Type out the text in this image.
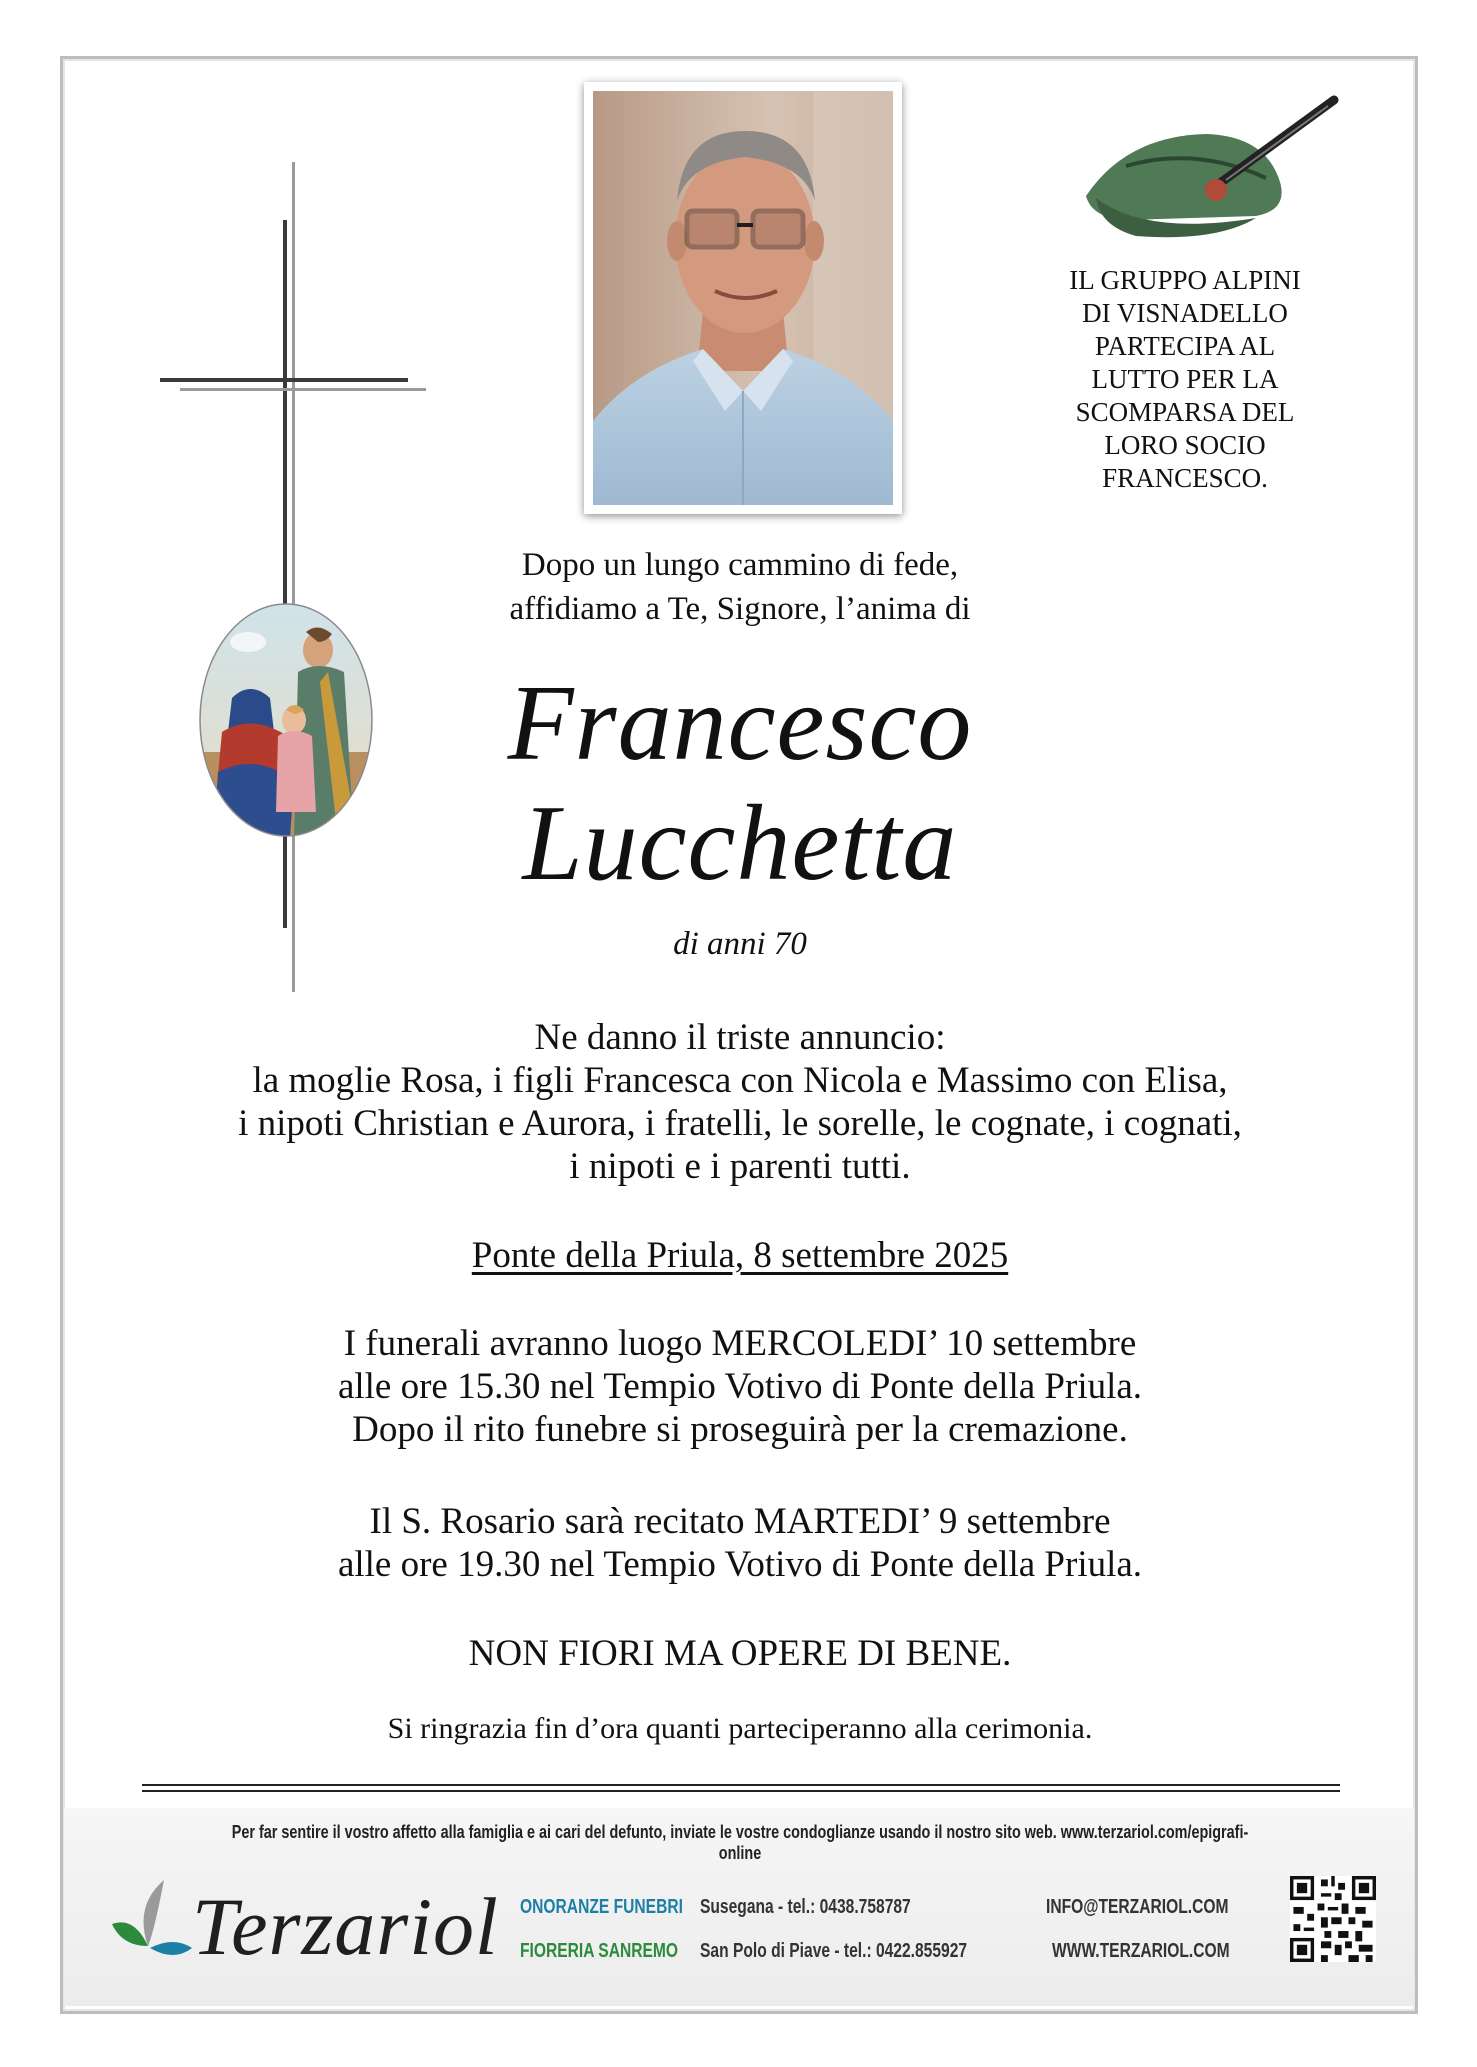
IL GRUPPO ALPINI
DI VISNADELLO
PARTECIPA AL
LUTTO PER LA
SCOMPARSA DEL
LORO SOCIO
FRANCESCO.
Dopo un lungo cammino di fede,
affidiamo a Te, Signore, l’anima di
Francesco
Lucchetta
di anni 70
Ne danno il triste annuncio:
la moglie Rosa, i figli Francesca con Nicola e Massimo con Elisa,
i nipoti Christian e Aurora, i fratelli, le sorelle, le cognate, i cognati,
i nipoti e i parenti tutti.
Ponte della Priula, 8 settembre 2025
I funerali avranno luogo MERCOLEDI’ 10 settembre
alle ore 15.30 nel Tempio Votivo di Ponte della Priula.
Dopo il rito funebre si proseguirà per la cremazione.
Il S. Rosario sarà recitato MARTEDI’ 9 settembre
alle ore 19.30 nel Tempio Votivo di Ponte della Priula.
NON FIORI MA OPERE DI BENE.
Si ringrazia fin d’ora quanti parteciperanno alla cerimonia.
Per far sentire il vostro affetto alla famiglia e ai cari del defunto, inviate le vostre condoglianze usando il nostro sito web. www.terzariol.com/epigrafi-online
Terzariol ONORANZE FUNEBRI
FIORERIA SANREMO
Susegana - tel.: 0438.758787
San Polo di Piave - tel.: 0422.855927
INFO@TERZARIOL.COM
WWW.TERZARIOL.COM
